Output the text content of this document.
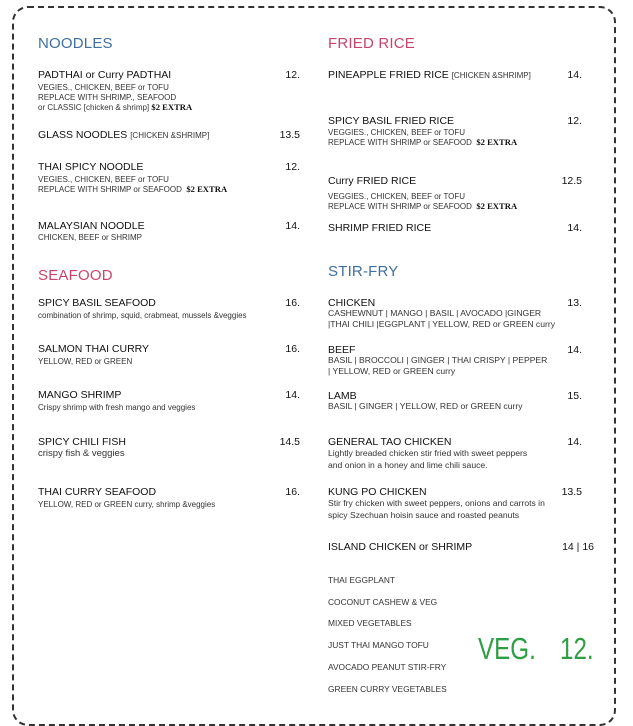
NOODLES
PADTHAI or Curry PADTHAI	12.
VEGIES., CHICKEN, BEEF or TOFU
REPLACE WITH SHRIMP., SEAFOOD
or CLASSIC [chicken & shrimp] $2 EXTRA
GLASS NOODLES [CHICKEN &SHRIMP]	13.5
THAI SPICY NOODLE	12.
VEGIES., CHICKEN, BEEF or TOFU
REPLACE WITH SHRIMP or SEAFOOD $2 EXTRA
MALAYSIAN NOODLE	14.
CHICKEN, BEEF or SHRIMP
SEAFOOD
SPICY BASIL SEAFOOD	16.
combination of shrimp, squid, crabmeat, mussels &veggies
SALMON THAI CURRY	16.
YELLOW, RED or GREEN
MANGO SHRIMP	14.
Crispy shrimp with fresh mango and veggies
SPICY CHILI FISH	14.5
crispy fish & veggies
THAI CURRY SEAFOOD	16.
YELLOW, RED or GREEN curry, shrimp &veggies
FRIED RICE
PINEAPPLE FRIED RICE [CHICKEN &SHRIMP]	14.
SPICY BASIL FRIED RICE	12.
VEGGIES., CHICKEN, BEEF or TOFU
REPLACE WITH SHRIMP or SEAFOOD $2 EXTRA
Curry FRIED RICE	12.5
VEGGIES., CHICKEN, BEEF or TOFU
REPLACE WITH SHRIMP or SEAFOOD $2 EXTRA
SHRIMP FRIED RICE	14.
STIR-FRY
CHICKEN	13.
CASHEWNUT | MANGO | BASIL | AVOCADO |GINGER
|THAI CHILI |EGGPLANT | YELLOW, RED or GREEN curry
BEEF	14.
BASIL | BROCCOLI | GINGER | THAI CRISPY | PEPPER
| YELLOW, RED or GREEN curry
LAMB	15.
BASIL | GINGER | YELLOW, RED or GREEN curry
GENERAL TAO CHICKEN	14.
Lightly breaded chicken stir fried with sweet peppers
and onion in a honey and lime chili sauce.
KUNG PO CHICKEN	13.5
Stir fry chicken with sweet peppers, onions and carrots in
spicy Szechuan hoisin sauce and roasted peanuts
ISLAND CHICKEN or SHRIMP	14 | 16
THAI EGGPLANT
COCONUT CASHEW & VEG
MIXED VEGETABLES
JUST THAI MANGO TOFU
AVOCADO PEANUT STIR-FRY
GREEN CURRY VEGETABLES
VEG. 12.
